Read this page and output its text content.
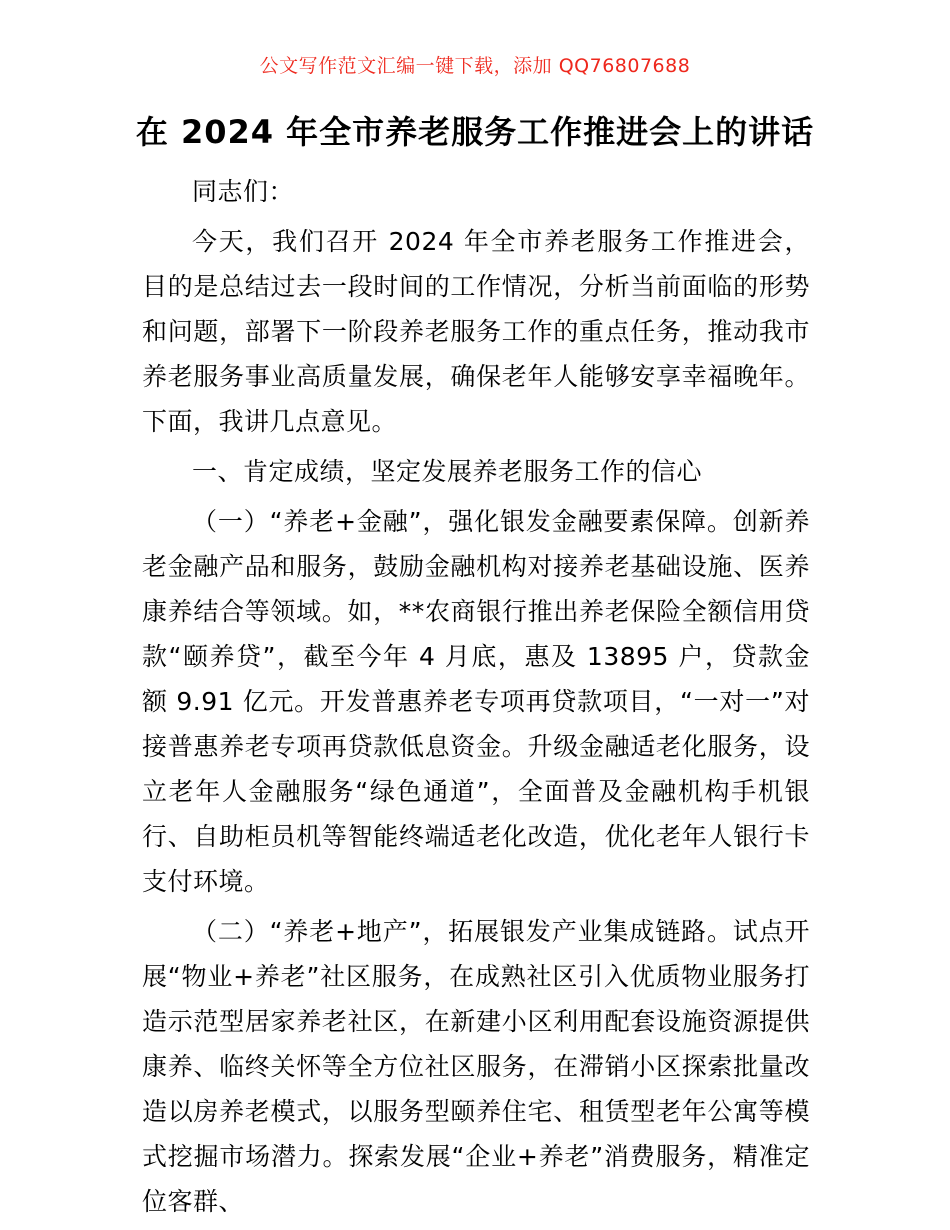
公文写作范文汇编一键下载，添加 QQ76807688
在 2024 年全市养老服务工作推进会上的讲话

同志们：

今天，我们召开 2024 年全市养老服务工作推进会，目的是总结过去一段时间的工作情况，分析当前面临的形势和问题，部署下一阶段养老服务工作的重点任务，推动我市养老服务事业高质量发展，确保老年人能够安享幸福晚年。下面，我讲几点意见。

一、肯定成绩，坚定发展养老服务工作的信心

（一）“养老+金融”，强化银发金融要素保障。创新养老金融产品和服务，鼓励金融机构对接养老基础设施、医养康养结合等领域。如，**农商银行推出养老保险全额信用贷款“颐养贷”，截至今年 4 月底，惠及 13895 户，贷款金额 9.91 亿元。开发普惠养老专项再贷款项目，“一对一”对接普惠养老专项再贷款低息资金。升级金融适老化服务，设立老年人金融服务“绿色通道”，全面普及金融机构手机银行、自助柜员机等智能终端适老化改造，优化老年人银行卡支付环境。

（二）“养老+地产”，拓展银发产业集成链路。试点开展“物业+养老”社区服务，在成熟社区引入优质物业服务打造示范型居家养老社区，在新建小区利用配套设施资源提供康养、临终关怀等全方位社区服务，在滞销小区探索批量改造以房养老模式，以服务型颐养住宅、租赁型老年公寓等模式挖掘市场潜力。探索发展“企业+养老”消费服务，精准定位客群、
